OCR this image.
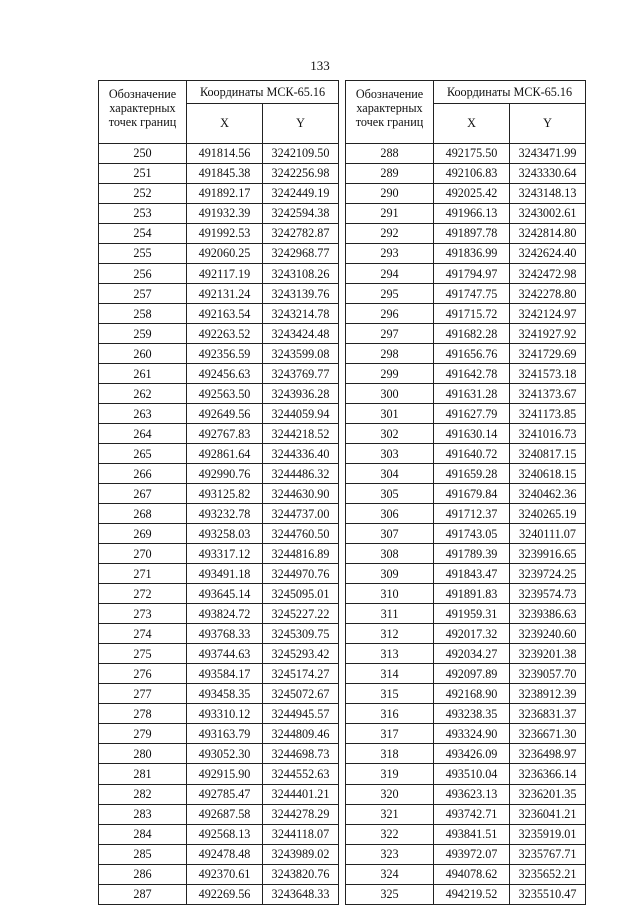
133
Обозначение характерных точек границ	Координаты МСК-65.16	
	X	Y
250	491814.56	3242109.50
251	491845.38	3242256.98
252	491892.17	3242449.19
253	491932.39	3242594.38
254	491992.53	3242782.87
255	492060.25	3242968.77
256	492117.19	3243108.26
257	492131.24	3243139.76
258	492163.54	3243214.78
259	492263.52	3243424.48
260	492356.59	3243599.08
261	492456.63	3243769.77
262	492563.50	3243936.28
263	492649.56	3244059.94
264	492767.83	3244218.52
265	492861.64	3244336.40
266	492990.76	3244486.32
267	493125.82	3244630.90
268	493232.78	3244737.00
269	493258.03	3244760.50
270	493317.12	3244816.89
271	493491.18	3244970.76
272	493645.14	3245095.01
273	493824.72	3245227.22
274	493768.33	3245309.75
275	493744.63	3245293.42
276	493584.17	3245174.27
277	493458.35	3245072.67
278	493310.12	3244945.57
279	493163.79	3244809.46
280	493052.30	3244698.73
281	492915.90	3244552.63
282	492785.47	3244401.21
283	492687.58	3244278.29
284	492568.13	3244118.07
285	492478.48	3243989.02
286	492370.61	3243820.76
287	492269.56	3243648.33
Обозначение характерных точек границ	Координаты МСК-65.16	
	X	Y
288	492175.50	3243471.99
289	492106.83	3243330.64
290	492025.42	3243148.13
291	491966.13	3243002.61
292	491897.78	3242814.80
293	491836.99	3242624.40
294	491794.97	3242472.98
295	491747.75	3242278.80
296	491715.72	3242124.97
297	491682.28	3241927.92
298	491656.76	3241729.69
299	491642.78	3241573.18
300	491631.28	3241373.67
301	491627.79	3241173.85
302	491630.14	3241016.73
303	491640.72	3240817.15
304	491659.28	3240618.15
305	491679.84	3240462.36
306	491712.37	3240265.19
307	491743.05	3240111.07
308	491789.39	3239916.65
309	491843.47	3239724.25
310	491891.83	3239574.73
311	491959.31	3239386.63
312	492017.32	3239240.60
313	492034.27	3239201.38
314	492097.89	3239057.70
315	492168.90	3238912.39
316	493238.35	3236831.37
317	493324.90	3236671.30
318	493426.09	3236498.97
319	493510.04	3236366.14
320	493623.13	3236201.35
321	493742.71	3236041.21
322	493841.51	3235919.01
323	493972.07	3235767.71
324	494078.62	3235652.21
325	494219.52	3235510.47
